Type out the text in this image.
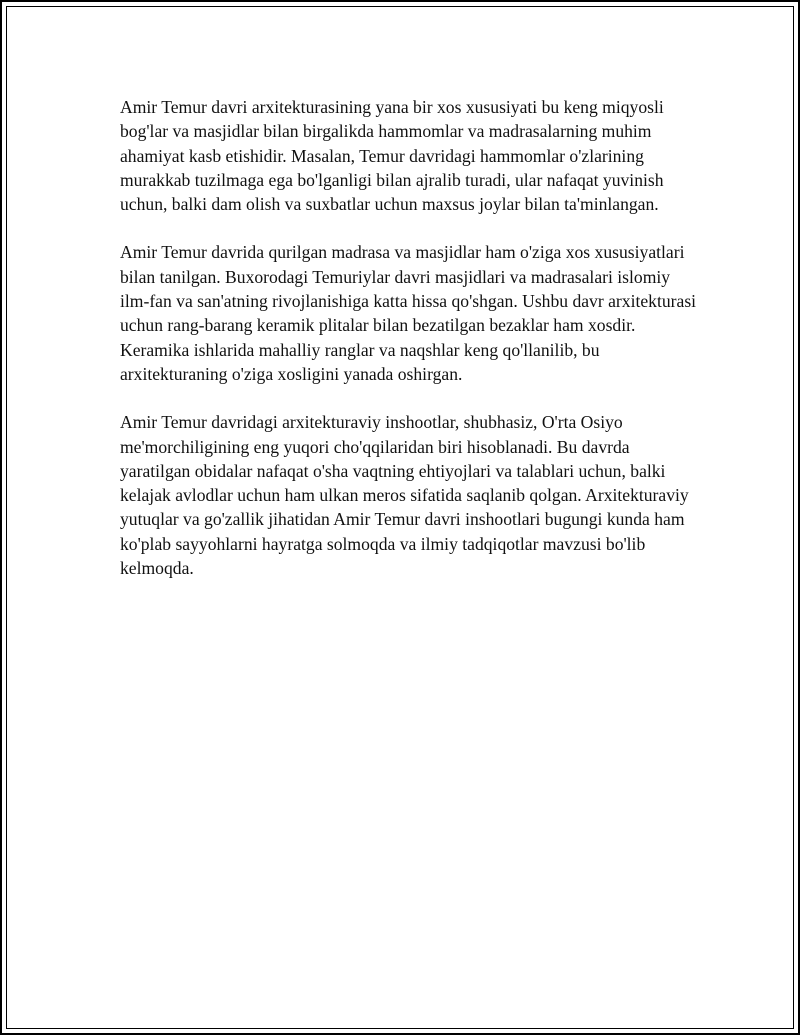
Amir Temur davri arxitekturasining yana bir xos xususiyati bu keng miqyosli bog'lar va masjidlar bilan birgalikda hammomlar va madrasalarning muhim ahamiyat kasb etishidir. Masalan, Temur davridagi hammomlar o'zlarining murakkab tuzilmaga ega bo'lganligi bilan ajralib turadi, ular nafaqat yuvinish uchun, balki dam olish va suxbatlar uchun maxsus joylar bilan ta'minlangan.

Amir Temur davrida qurilgan madrasa va masjidlar ham o'ziga xos xususiyatlari bilan tanilgan. Buxorodagi Temuriylar davri masjidlari va madrasalari islomiy ilm-fan va san'atning rivojlanishiga katta hissa qo'shgan. Ushbu davr arxitekturasi uchun rang-barang keramik plitalar bilan bezatilgan bezaklar ham xosdir. Keramika ishlarida mahalliy ranglar va naqshlar keng qo'llanilib, bu arxitekturaning o'ziga xosligini yanada oshirgan.

Amir Temur davridagi arxitekturaviy inshootlar, shubhasiz, O'rta Osiyo me'morchiligining eng yuqori cho'qqilaridan biri hisoblanadi. Bu davrda yaratilgan obidalar nafaqat o'sha vaqtning ehtiyojlari va talablari uchun, balki kelajak avlodlar uchun ham ulkan meros sifatida saqlanib qolgan. Arxitekturaviy yutuqlar va go'zallik jihatidan Amir Temur davri inshootlari bugungi kunda ham ko'plab sayyohlarni hayratga solmoqda va ilmiy tadqiqotlar mavzusi bo'lib kelmoqda.
